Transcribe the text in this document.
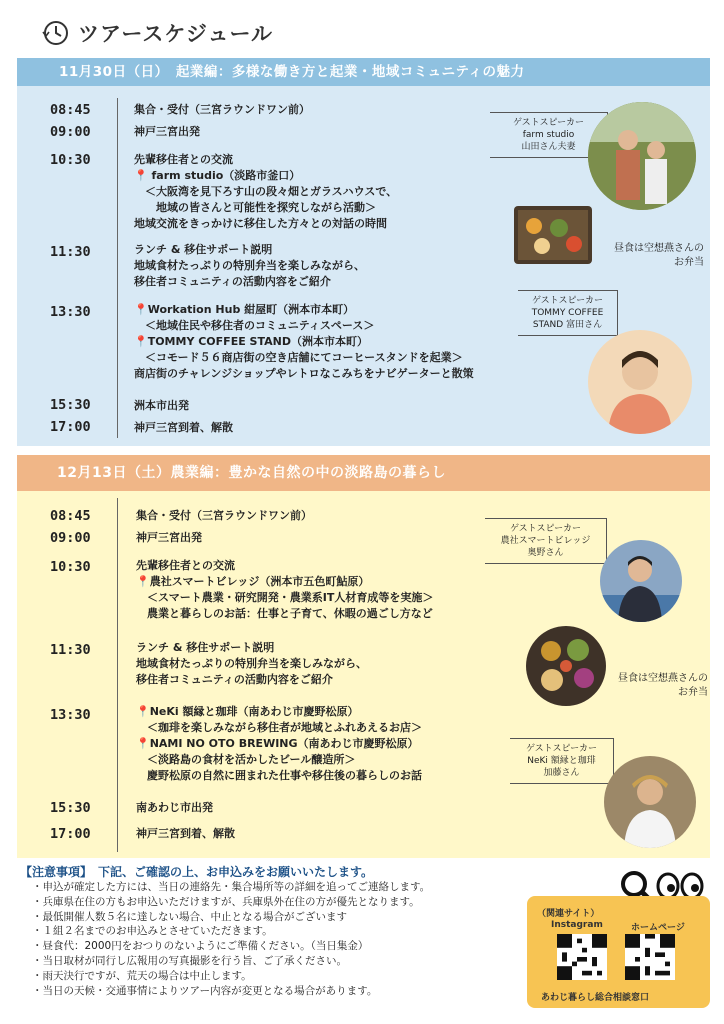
ツアースケジュール
11月30日（日）　起業編：多様な働き方と起業・地域コミュニティの魅力
08:45	集合・受付（三宮ラウンドワン前）
09:00	神戸三宮出発
10:30	先輩移住者との交流
📍 farm studio（淡路市釜口）
　＜大阪湾を見下ろす山の段々畑とガラスハウスで、
　　地域の皆さんと可能性を探究しながら活動＞
地域交流をきっかけに移住した方々との対話の時間
11:30	ランチ & 移住サポート説明
地域食材たっぷりの特別弁当を楽しみながら、
移住者コミュニティの活動内容をご紹介
13:30	📍Workation Hub 紺屋町（洲本市本町）
　＜地域住民や移住者のコミュニティスペース＞
📍TOMMY COFFEE STAND（洲本市本町）
　＜コモード５６商店街の空き店舗にてコーヒースタンドを起業＞
商店街のチャレンジショップやレトロなこみちをナビゲーターと散策
15:30	洲本市出発
17:00	神戸三宮到着、解散
ゲストスピーカー
farm studio
山田さん夫妻
昼食は空想燕さんの
お弁当
ゲストスピーカー
TOMMY COFFEE
STAND 富田さん
12月13日（土）農業編：豊かな自然の中の淡路島の暮らし
08:45	集合・受付（三宮ラウンドワン前）
09:00	神戸三宮出発
10:30	先輩移住者との交流
📍農社スマートビレッジ（洲本市五色町鮎原）
　＜スマート農業・研究開発・農業系IT人材育成等を実施＞
　農業と暮らしのお話：仕事と子育て、休暇の過ごし方など
11:30	ランチ & 移住サポート説明
地域食材たっぷりの特別弁当を楽しみながら、
移住者コミュニティの活動内容をご紹介
13:30	📍NeKi 額縁と珈琲（南あわじ市慶野松原）
　＜珈琲を楽しみながら移住者が地域とふれあえるお店＞
📍NAMI NO OTO BREWING（南あわじ市慶野松原）
　＜淡路島の食材を活かしたビール醸造所＞
　慶野松原の自然に囲まれた仕事や移住後の暮らしのお話
15:30	南あわじ市出発
17:00	神戸三宮到着、解散
ゲストスピーカー
農社スマートビレッジ
奥野さん
昼食は空想燕さんの
お弁当
ゲストスピーカー
NeKi 額縁と珈琲
加藤さん
【注意事項】　下記、ご確認の上、お申込みをお願いいたします。
・申込が確定した方には、当日の連絡先・集合場所等の詳細を追ってご連絡します。
・兵庫県在住の方もお申込いただけますが、兵庫県外在住の方が優先となります。
・最低開催人数５名に達しない場合、中止となる場合がございます
・１組２名までのお申込みとさせていただきます。
・昼食代：2000円をおつりのないようにご準備ください。（当日集金）
・当日取材が同行し広報用の写真撮影を行う旨、ご了承ください。
・雨天決行ですが、荒天の場合は中止します。
・当日の天候・交通事情によりツアー内容が変更となる場合があります。
（関連サイト）
Instagram	ホームページ
あわじ暮らし総合相談窓口
